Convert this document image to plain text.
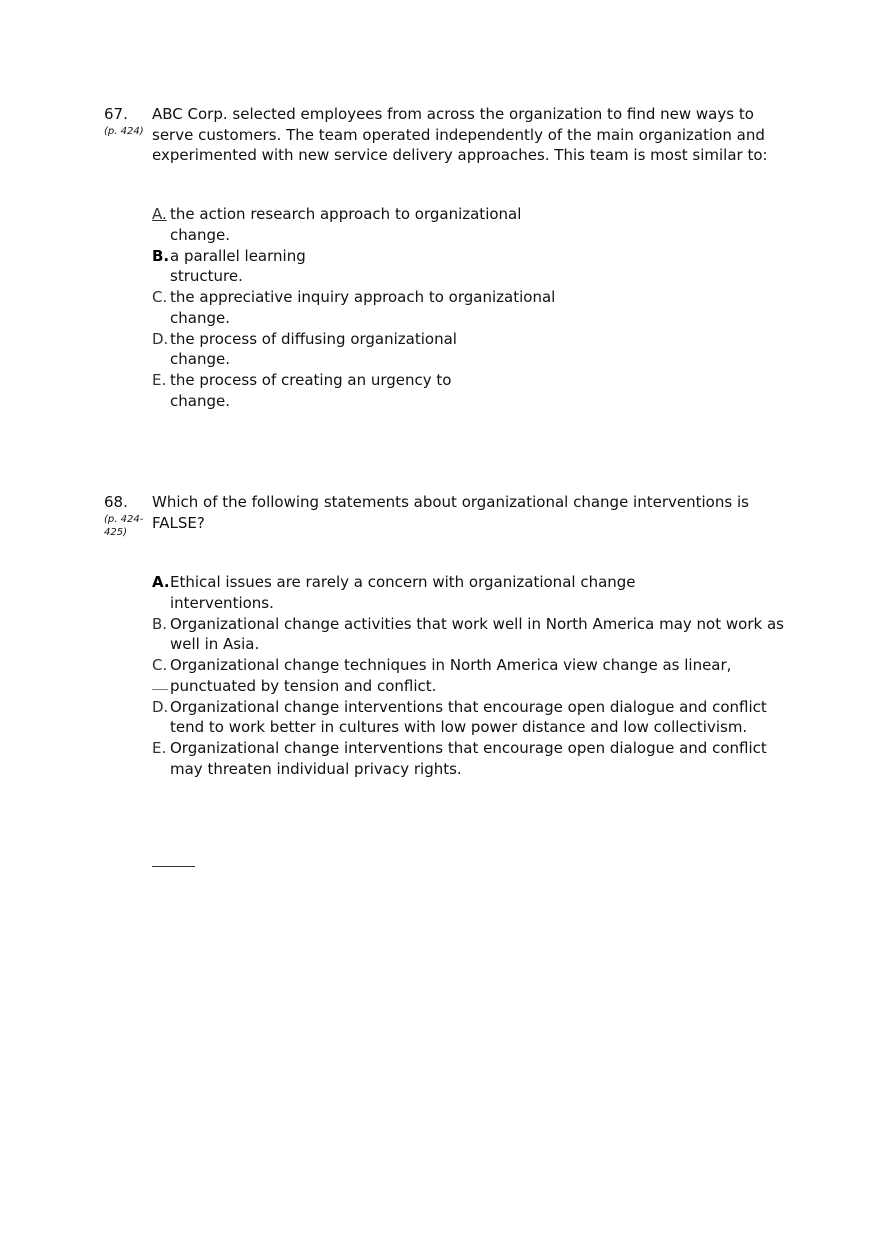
67.
(p. 424)
ABC Corp. selected employees from across the organization to find new ways to serve customers. The team operated independently of the main organization and experimented with new service delivery approaches. This team is most similar to:
A. the action research approach to organizational change.
B. a parallel learning structure.
C. the appreciative inquiry approach to organizational change.
D. the process of diffusing organizational change.
E. the process of creating an urgency to change.
68.
(p. 424-425)
Which of the following statements about organizational change interventions is FALSE?
A. Ethical issues are rarely a concern with organizational change interventions.
B. Organizational change activities that work well in North America may not work as well in Asia.
C. Organizational change techniques in North America view change as linear, punctuated by tension and conflict.
D. Organizational change interventions that encourage open dialogue and conflict tend to work better in cultures with low power distance and low collectivism.
E. Organizational change interventions that encourage open dialogue and conflict may threaten individual privacy rights.
